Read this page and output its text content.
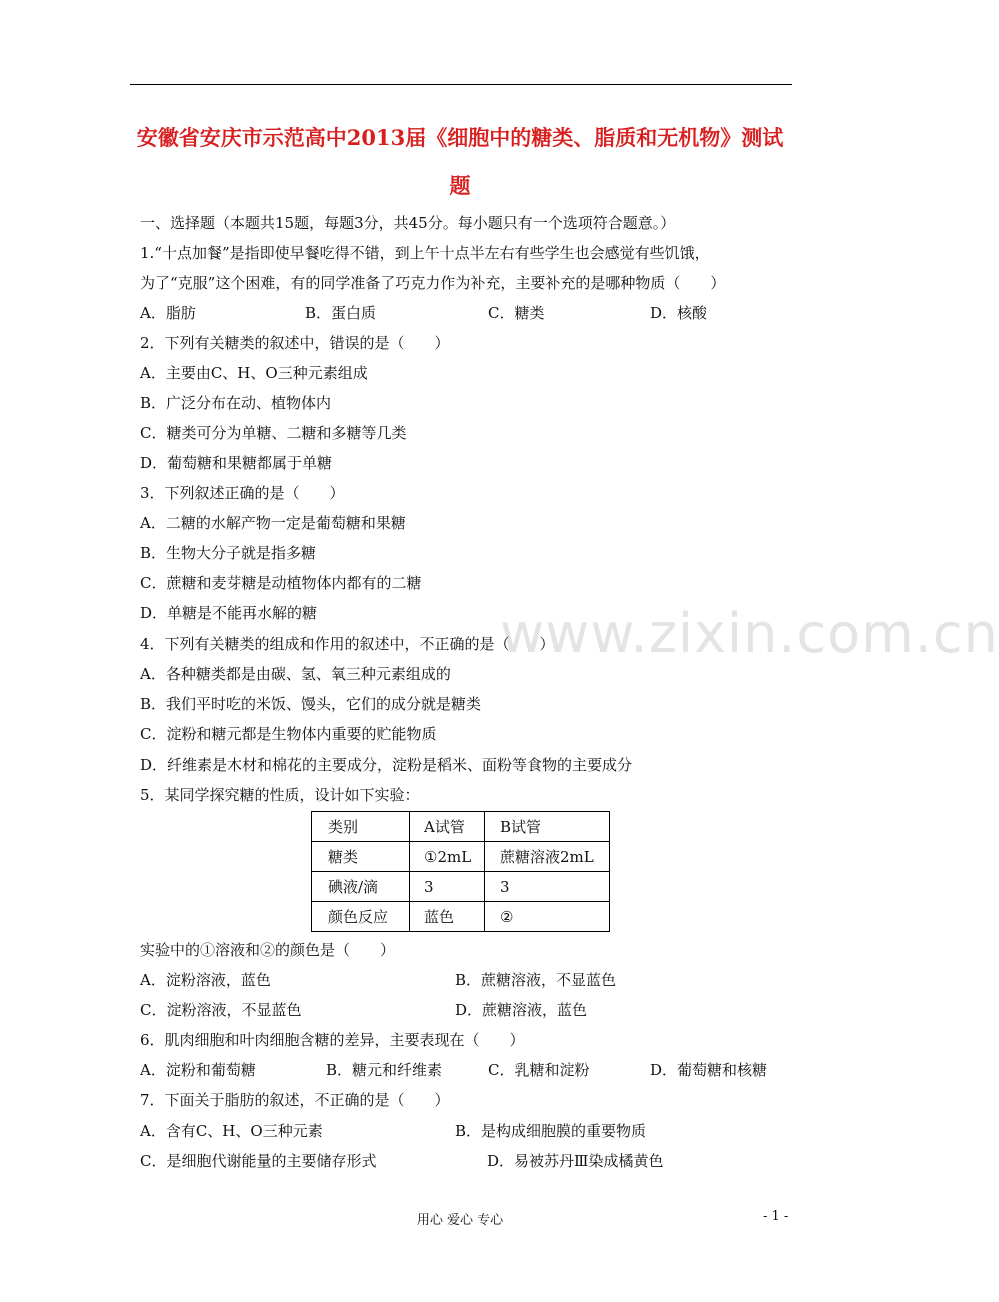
安徽省安庆市示范高中2013届《细胞中的糖类、脂质和无机物》测试
题
www.zixin.com.cn
一、选择题（本题共15题，每题3分，共45分。每小题只有一个选项符合题意。）
1.“十点加餐”是指即使早餐吃得不错，到上午十点半左右有些学生也会感觉有些饥饿，
为了“克服”这个困难，有的同学准备了巧克力作为补充，主要补充的是哪种物质（　　）
A．脂肪	B．蛋白质	C．糖类	D．核酸
2．下列有关糖类的叙述中，错误的是（　　）
A．主要由C、H、O三种元素组成
B．广泛分布在动、植物体内
C．糖类可分为单糖、二糖和多糖等几类
D．葡萄糖和果糖都属于单糖
3．下列叙述正确的是（　　）
A．二糖的水解产物一定是葡萄糖和果糖
B．生物大分子就是指多糖
C．蔗糖和麦芽糖是动植物体内都有的二糖
D．单糖是不能再水解的糖
4．下列有关糖类的组成和作用的叙述中，不正确的是（　　）
A．各种糖类都是由碳、氢、氧三种元素组成的
B．我们平时吃的米饭、馒头，它们的成分就是糖类
C．淀粉和糖元都是生物体内重要的贮能物质
D．纤维素是木材和棉花的主要成分，淀粉是稻米、面粉等食物的主要成分
5．某同学探究糖的性质，设计如下实验：
类别	A试管	B试管
糖类	①2mL	蔗糖溶液2mL
碘液/滴	3	3
颜色反应	蓝色	②
实验中的①溶液和②的颜色是（　　）
A．淀粉溶液，蓝色	B．蔗糖溶液，不显蓝色
C．淀粉溶液，不显蓝色	D．蔗糖溶液，蓝色
6．肌肉细胞和叶肉细胞含糖的差异，主要表现在（　　）
A．淀粉和葡萄糖	B．糖元和纤维素	C．乳糖和淀粉	D．葡萄糖和核糖
7．下面关于脂肪的叙述，不正确的是（　　）
A．含有C、H、O三种元素	B．是构成细胞膜的重要物质
C．是细胞代谢能量的主要储存形式	D．易被苏丹Ⅲ染成橘黄色
用心 爱心 专心	- 1 -
